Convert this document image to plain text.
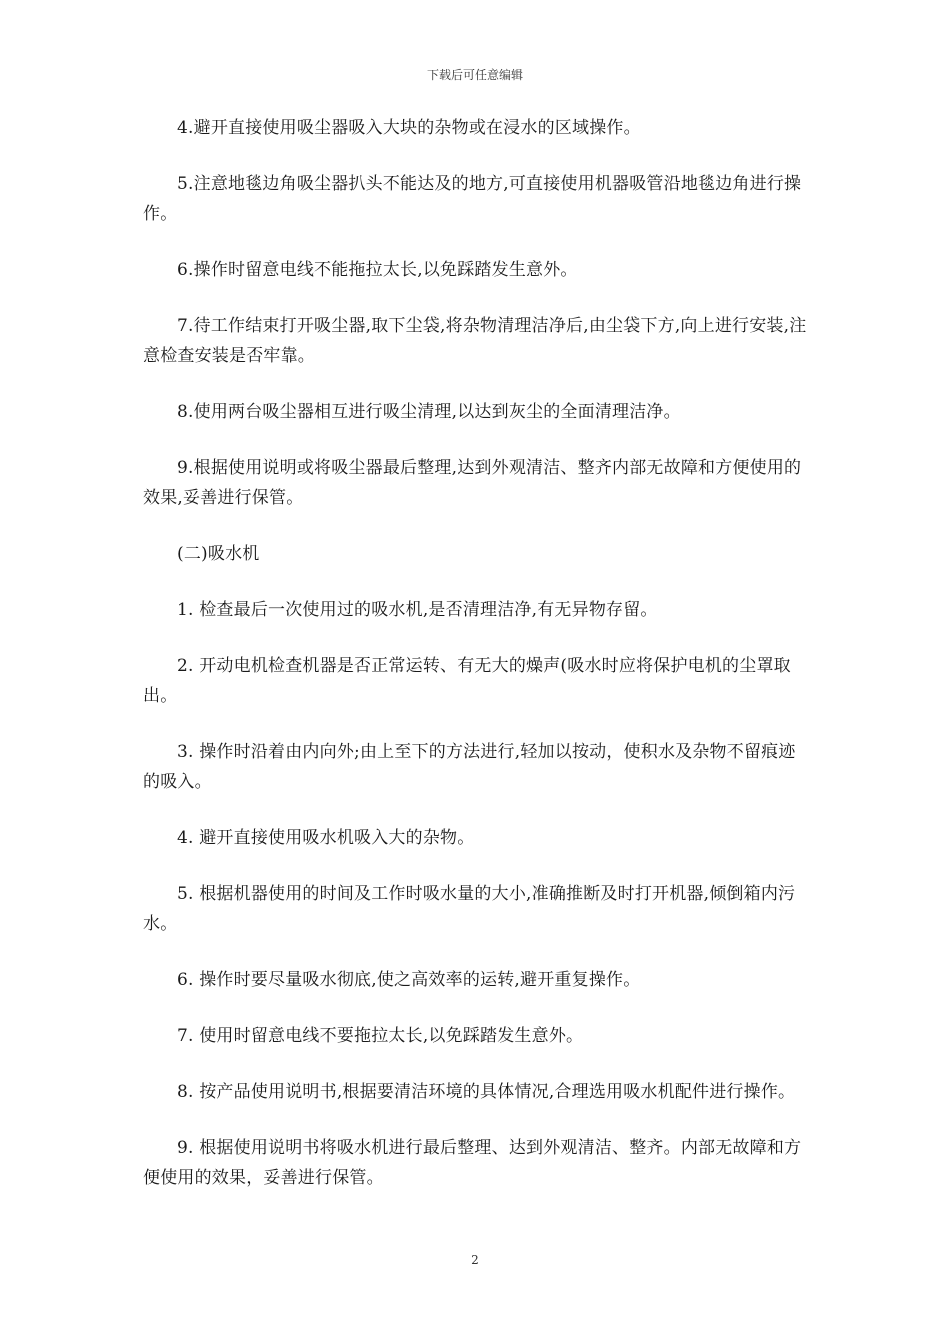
下载后可任意编辑

4.避开直接使用吸尘器吸入大块的杂物或在浸水的区域操作。

5.注意地毯边角吸尘器扒头不能达及的地方,可直接使用机器吸管沿地毯边角进行操作。

6.操作时留意电线不能拖拉太长,以免踩踏发生意外。

7.待工作结束打开吸尘器,取下尘袋,将杂物清理洁净后,由尘袋下方,向上进行安装,注意检查安装是否牢靠。

8.使用两台吸尘器相互进行吸尘清理,以达到灰尘的全面清理洁净。

9.根据使用说明或将吸尘器最后整理,达到外观清洁、整齐内部无故障和方便使用的效果,妥善进行保管。

(二)吸水机

1. 检查最后一次使用过的吸水机,是否清理洁净,有无异物存留。

2. 开动电机检查机器是否正常运转、有无大的燥声(吸水时应将保护电机的尘罩取出。

3. 操作时沿着由内向外;由上至下的方法进行,轻加以按动，使积水及杂物不留痕迹的吸入。

4. 避开直接使用吸水机吸入大的杂物。

5. 根据机器使用的时间及工作时吸水量的大小,准确推断及时打开机器,倾倒箱内污水。

6. 操作时要尽量吸水彻底,使之高效率的运转,避开重复操作。

7. 使用时留意电线不要拖拉太长,以免踩踏发生意外。

8. 按产品使用说明书,根据要清洁环境的具体情况,合理选用吸水机配件进行操作。

9. 根据使用说明书将吸水机进行最后整理、达到外观清洁、整齐。内部无故障和方便使用的效果，妥善进行保管。

2
